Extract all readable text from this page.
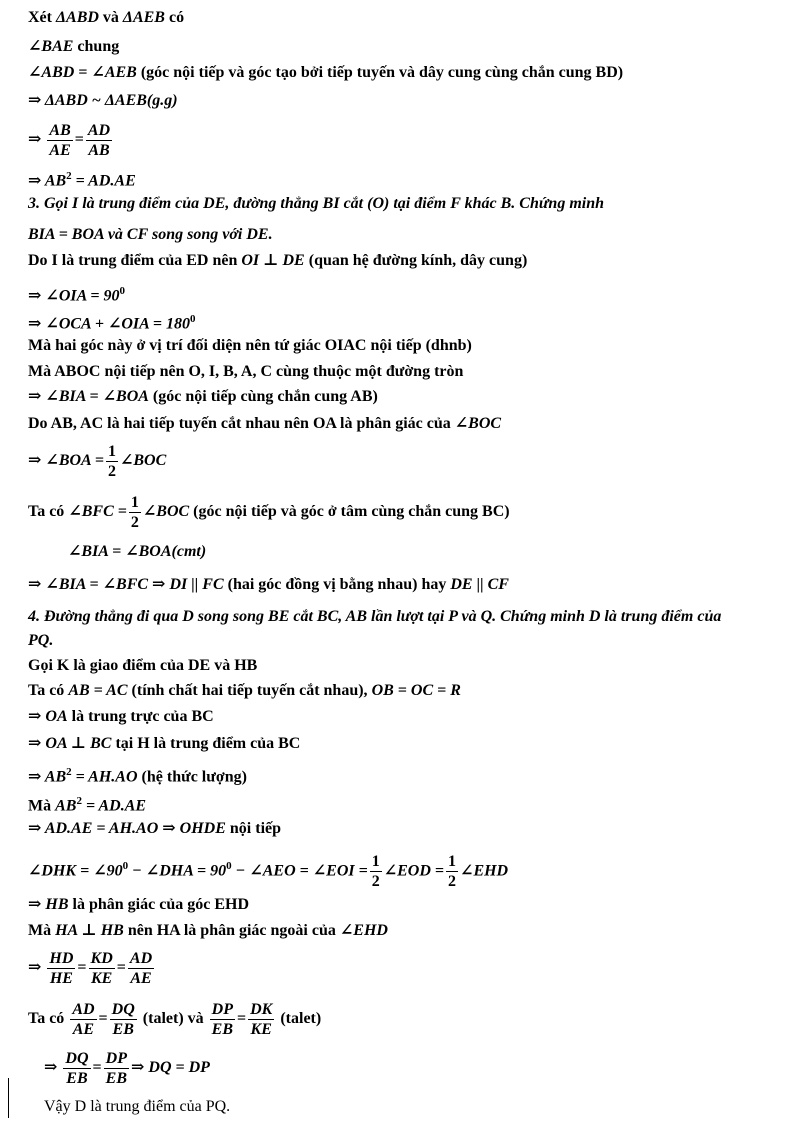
Xét ΔABD và ΔAEB có
∠BAE chung
∠ABD = ∠AEB (góc nội tiếp và góc tạo bởi tiếp tuyến và dây cung cùng chắn cung BD)
⇒ ΔABD ~ ΔAEB(g.g)
⇒ $\frac{AB}{AE} = \frac{AD}{AB}$
⇒ $AB^2 = AD.AE$
3. Gọi I là trung điểm của DE, đường thẳng BI cắt (O) tại điểm F khác B. Chứng minh
BIA = BOA và CF song song với DE.
Do I là trung điểm của ED nên OI ⊥ DE (quan hệ đường kính, dây cung)
⇒ ∠OIA = $90^0$
⇒ ∠OCA + ∠OIA = $180^0$
Mà hai góc này ở vị trí đối diện nên tứ giác OIAC nội tiếp (dhnb)
Mà ABOC nội tiếp nên O, I, B, A, C cùng thuộc một đường tròn
⇒ ∠BIA = ∠BOA (góc nội tiếp cùng chắn cung AB)
Do AB, AC là hai tiếp tuyến cắt nhau nên OA là phân giác của ∠BOC
⇒ ∠BOA = $\frac{1}{2}$ ∠BOC
Ta có ∠BFC = $\frac{1}{2}$ ∠BOC (góc nội tiếp và góc ở tâm cùng chắn cung BC)
∠BIA = ∠BOA(cmt)
⇒ ∠BIA = ∠BFC ⇒ DI || FC (hai góc đồng vị bằng nhau) hay DE || CF
4. Đường thẳng đi qua D song song BE cắt BC, AB lần lượt tại P và Q. Chứng minh D là trung điểm của
PQ.
Gọi K là giao điểm của DE và HB
Ta có AB = AC (tính chất hai tiếp tuyến cắt nhau), OB = OC = R
⇒ OA là trung trực của BC
⇒ OA ⊥ BC tại H là trung điểm của BC
⇒ $AB^2 = AH.AO$ (hệ thức lượng)
Mà $AB^2 = AD.AE$
⇒ AD.AE = AH.AO ⇒ OHDE nội tiếp
∠DHK = $\angle 90^0$ − ∠DHA = $90^0$ − ∠AEO = ∠EOI = $\frac{1}{2}$ ∠EOD = $\frac{1}{2}$ ∠EHD
⇒ HB là phân giác của góc EHD
Mà HA ⊥ HB nên HA là phân giác ngoài của ∠EHD
⇒ $\frac{HD}{HE} = \frac{KD}{KE} = \frac{AD}{AE}$
Ta có $\frac{AD}{AE} = \frac{DQ}{EB}$ (talet) và $\frac{DP}{EB} = \frac{DK}{KE}$ (talet)
⇒ $\frac{DQ}{EB} = \frac{DP}{EB}$ ⇒ DQ = DP
Vậy D là trung điểm của PQ.
